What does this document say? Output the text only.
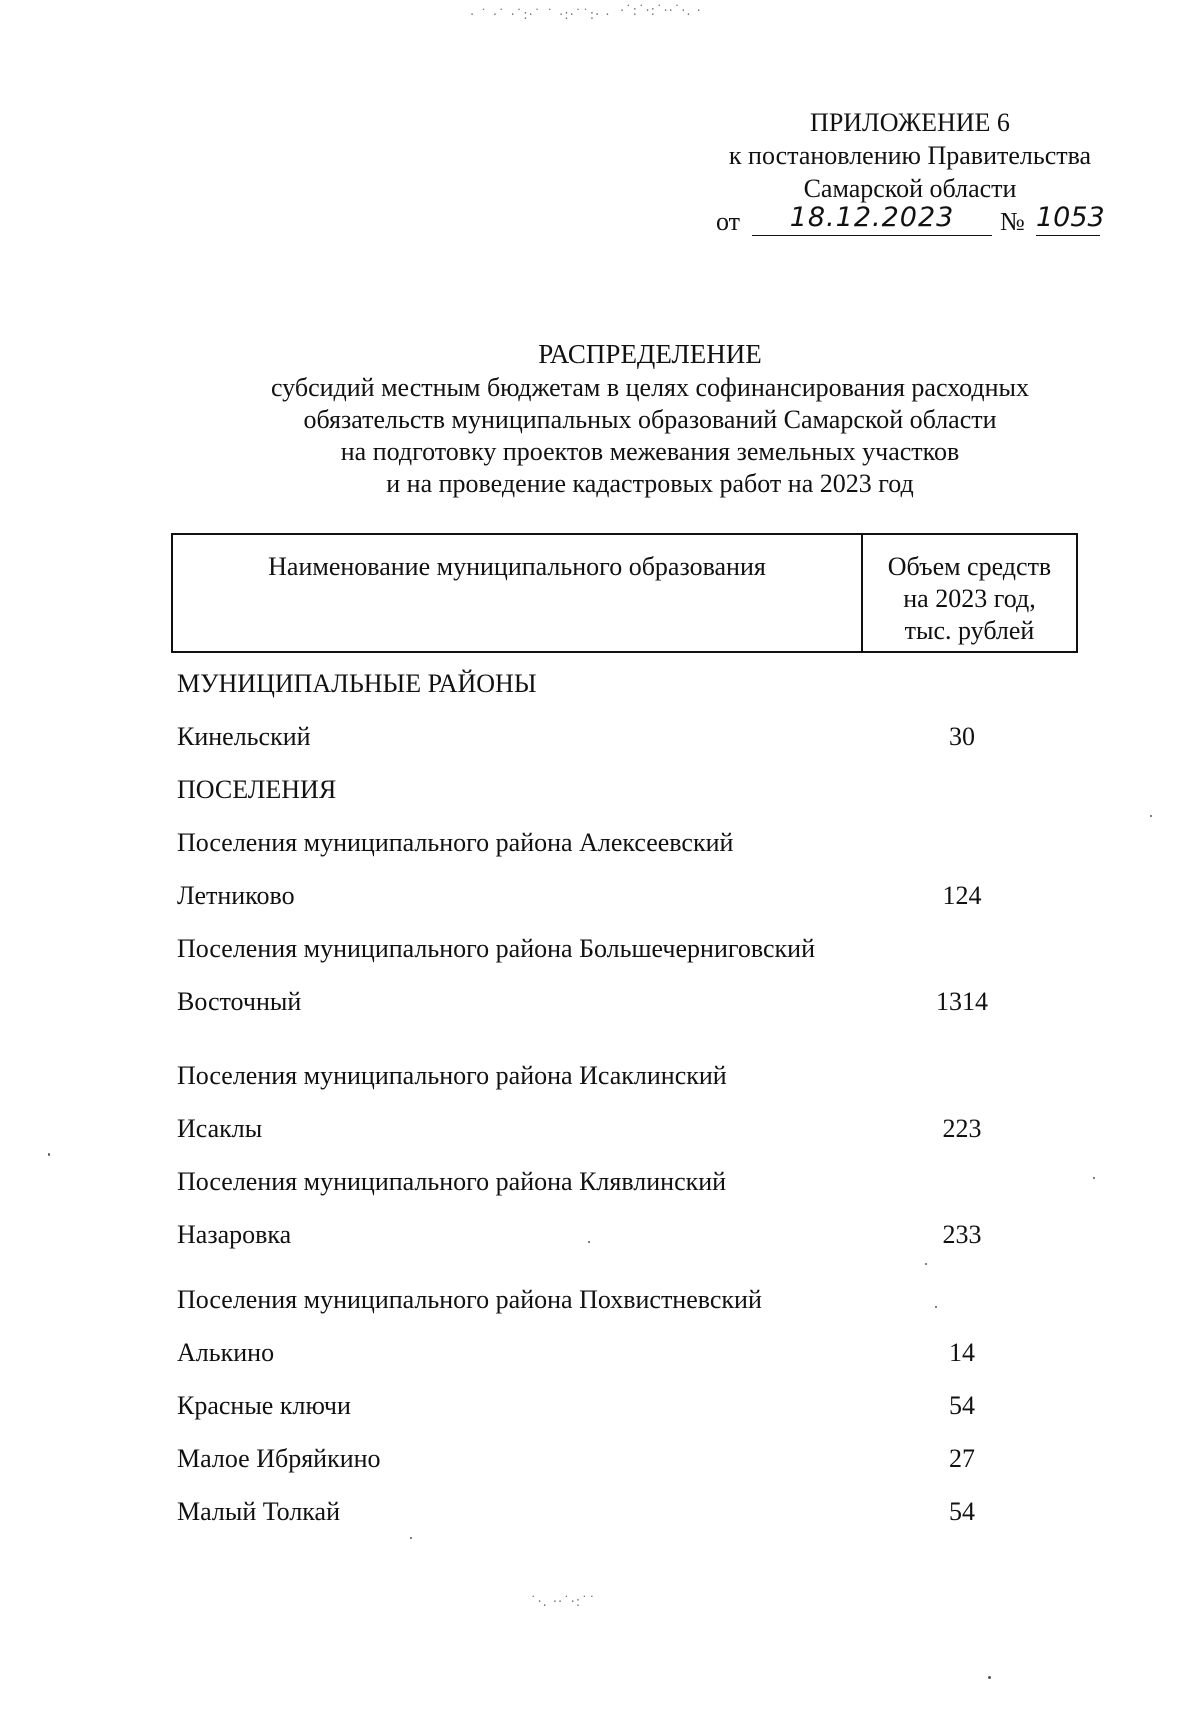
· ˙ ·˙ ·˙:·˙ ˙ ·:·˙˙:· · ·˙:˙·:˙··˙·. ·
˙·. ··˙·:˙˙
ПРИЛОЖЕНИЕ 6
к постановлению Правительства
Самарской области
от	18.12.2023	№ 1053
РАСПРЕДЕЛЕНИЕ
субсидий местным бюджетам в целях софинансирования расходных
обязательств муниципальных образований Самарской области
на подготовку проектов межевания земельных участков
и на проведение кадастровых работ на 2023 год
Наименование муниципального образования	Объем средств
на 2023 год,
тыс. рублей
МУНИЦИПАЛЬНЫЕ РАЙОНЫ
Кинельский	30
ПОСЕЛЕНИЯ
Поселения муниципального района Алексеевский
Летниково	124
Поселения муниципального района Большечерниговский
Восточный	1314
Поселения муниципального района Исаклинский
Исаклы	223
Поселения муниципального района Клявлинский
Назаровка	233
Поселения муниципального района Похвистневский
Алькино	14
Красные ключи	54
Малое Ибряйкино	27
Малый Толкай	54
